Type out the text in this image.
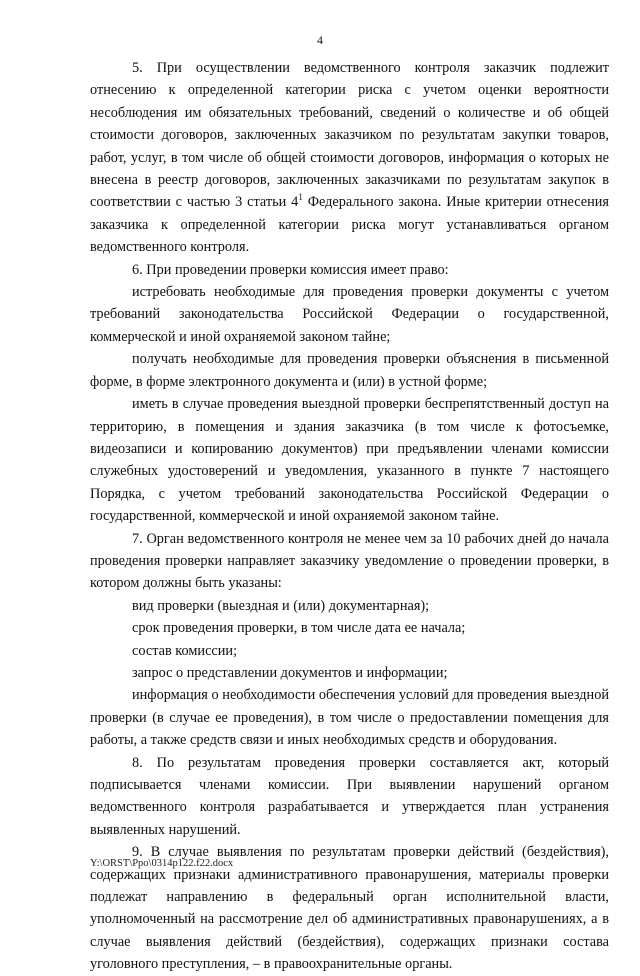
4

5. При осуществлении ведомственного контроля заказчик подлежит отнесению к определенной категории риска с учетом оценки вероятности несоблюдения им обязательных требований, сведений о количестве и об общей стоимости договоров, заключенных заказчиком по результатам закупки товаров, работ, услуг, в том числе об общей стоимости договоров, информация о которых не внесена в реестр договоров, заключенных заказчиками по результатам закупок в соответствии с частью 3 статьи $4^1$ Федерального закона. Иные критерии отнесения заказчика к определенной категории риска могут устанавливаться органом ведомственного контроля.

6. При проведении проверки комиссия имеет право:

истребовать необходимые для проведения проверки документы с учетом требований законодательства Российской Федерации о государственной, коммерческой и иной охраняемой законом тайне;

получать необходимые для проведения проверки объяснения в письменной форме, в форме электронного документа и (или) в устной форме;

иметь в случае проведения выездной проверки беспрепятственный доступ на территорию, в помещения и здания заказчика (в том числе к фотосъемке, видеозаписи и копированию документов) при предъявлении членами комиссии служебных удостоверений и уведомления, указанного в пункте 7 настоящего Порядка, с учетом требований законодательства Российской Федерации о государственной, коммерческой и иной охраняемой законом тайне.

7. Орган ведомственного контроля не менее чем за 10 рабочих дней до начала проведения проверки направляет заказчику уведомление о проведении проверки, в котором должны быть указаны:

вид проверки (выездная и (или) документарная);

срок проведения проверки, в том числе дата ее начала;

состав комиссии;

запрос о представлении документов и информации;

информация о необходимости обеспечения условий для проведения выездной проверки (в случае ее проведения), в том числе о предоставлении помещения для работы, а также средств связи и иных необходимых средств и оборудования.

8. По результатам проведения проверки составляется акт, который подписывается членами комиссии. При выявлении нарушений органом ведомственного контроля разрабатывается и утверждается план устранения выявленных нарушений.

9. В случае выявления по результатам проверки действий (бездействия), содержащих признаки административного правонарушения, материалы проверки подлежат направлению в федеральный орган исполнительной власти, уполномоченный на рассмотрение дел об административных правонарушениях, а в случае выявления действий (бездействия), содержащих признаки состава уголовного преступления, – в правоохранительные органы.

Y:\ORST\Ppo\0314p122.f22.docx
